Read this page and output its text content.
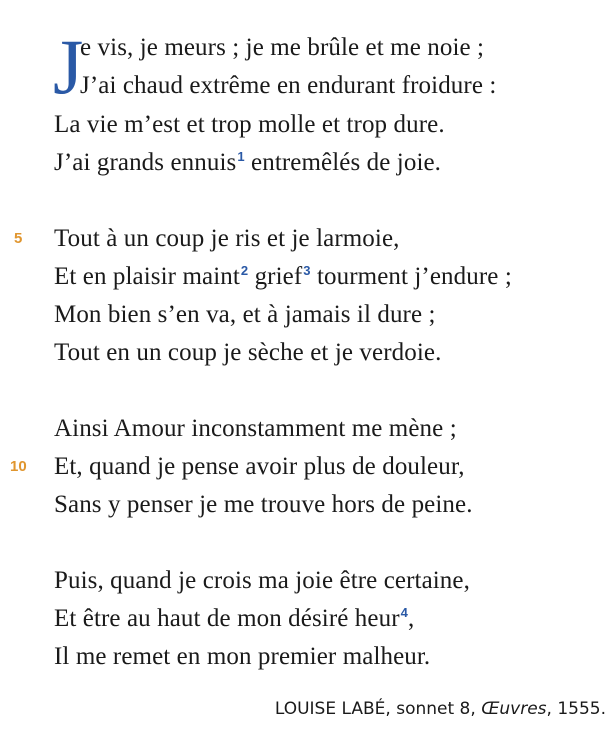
J
e vis, je meurs ; je me brûle et me noie ;
J’ai chaud extrême en endurant froidure :
La vie m’est et trop molle et trop dure.
J’ai grands ennuis$^1$ entremêlés de joie.
5 Tout à un coup je ris et je larmoie,
Et en plaisir maint$^2$ grief$^3$ tourment j’endure ;
Mon bien s’en va, et à jamais il dure ;
Tout en un coup je sèche et je verdoie.
Ainsi Amour inconstamment me mène ;
10 Et, quand je pense avoir plus de douleur,
Sans y penser je me trouve hors de peine.
Puis, quand je crois ma joie être certaine,
Et être au haut de mon désiré heur$^4$,
Il me remet en mon premier malheur.
LOUISE LABÉ, sonnet 8, Œuvres, 1555.
